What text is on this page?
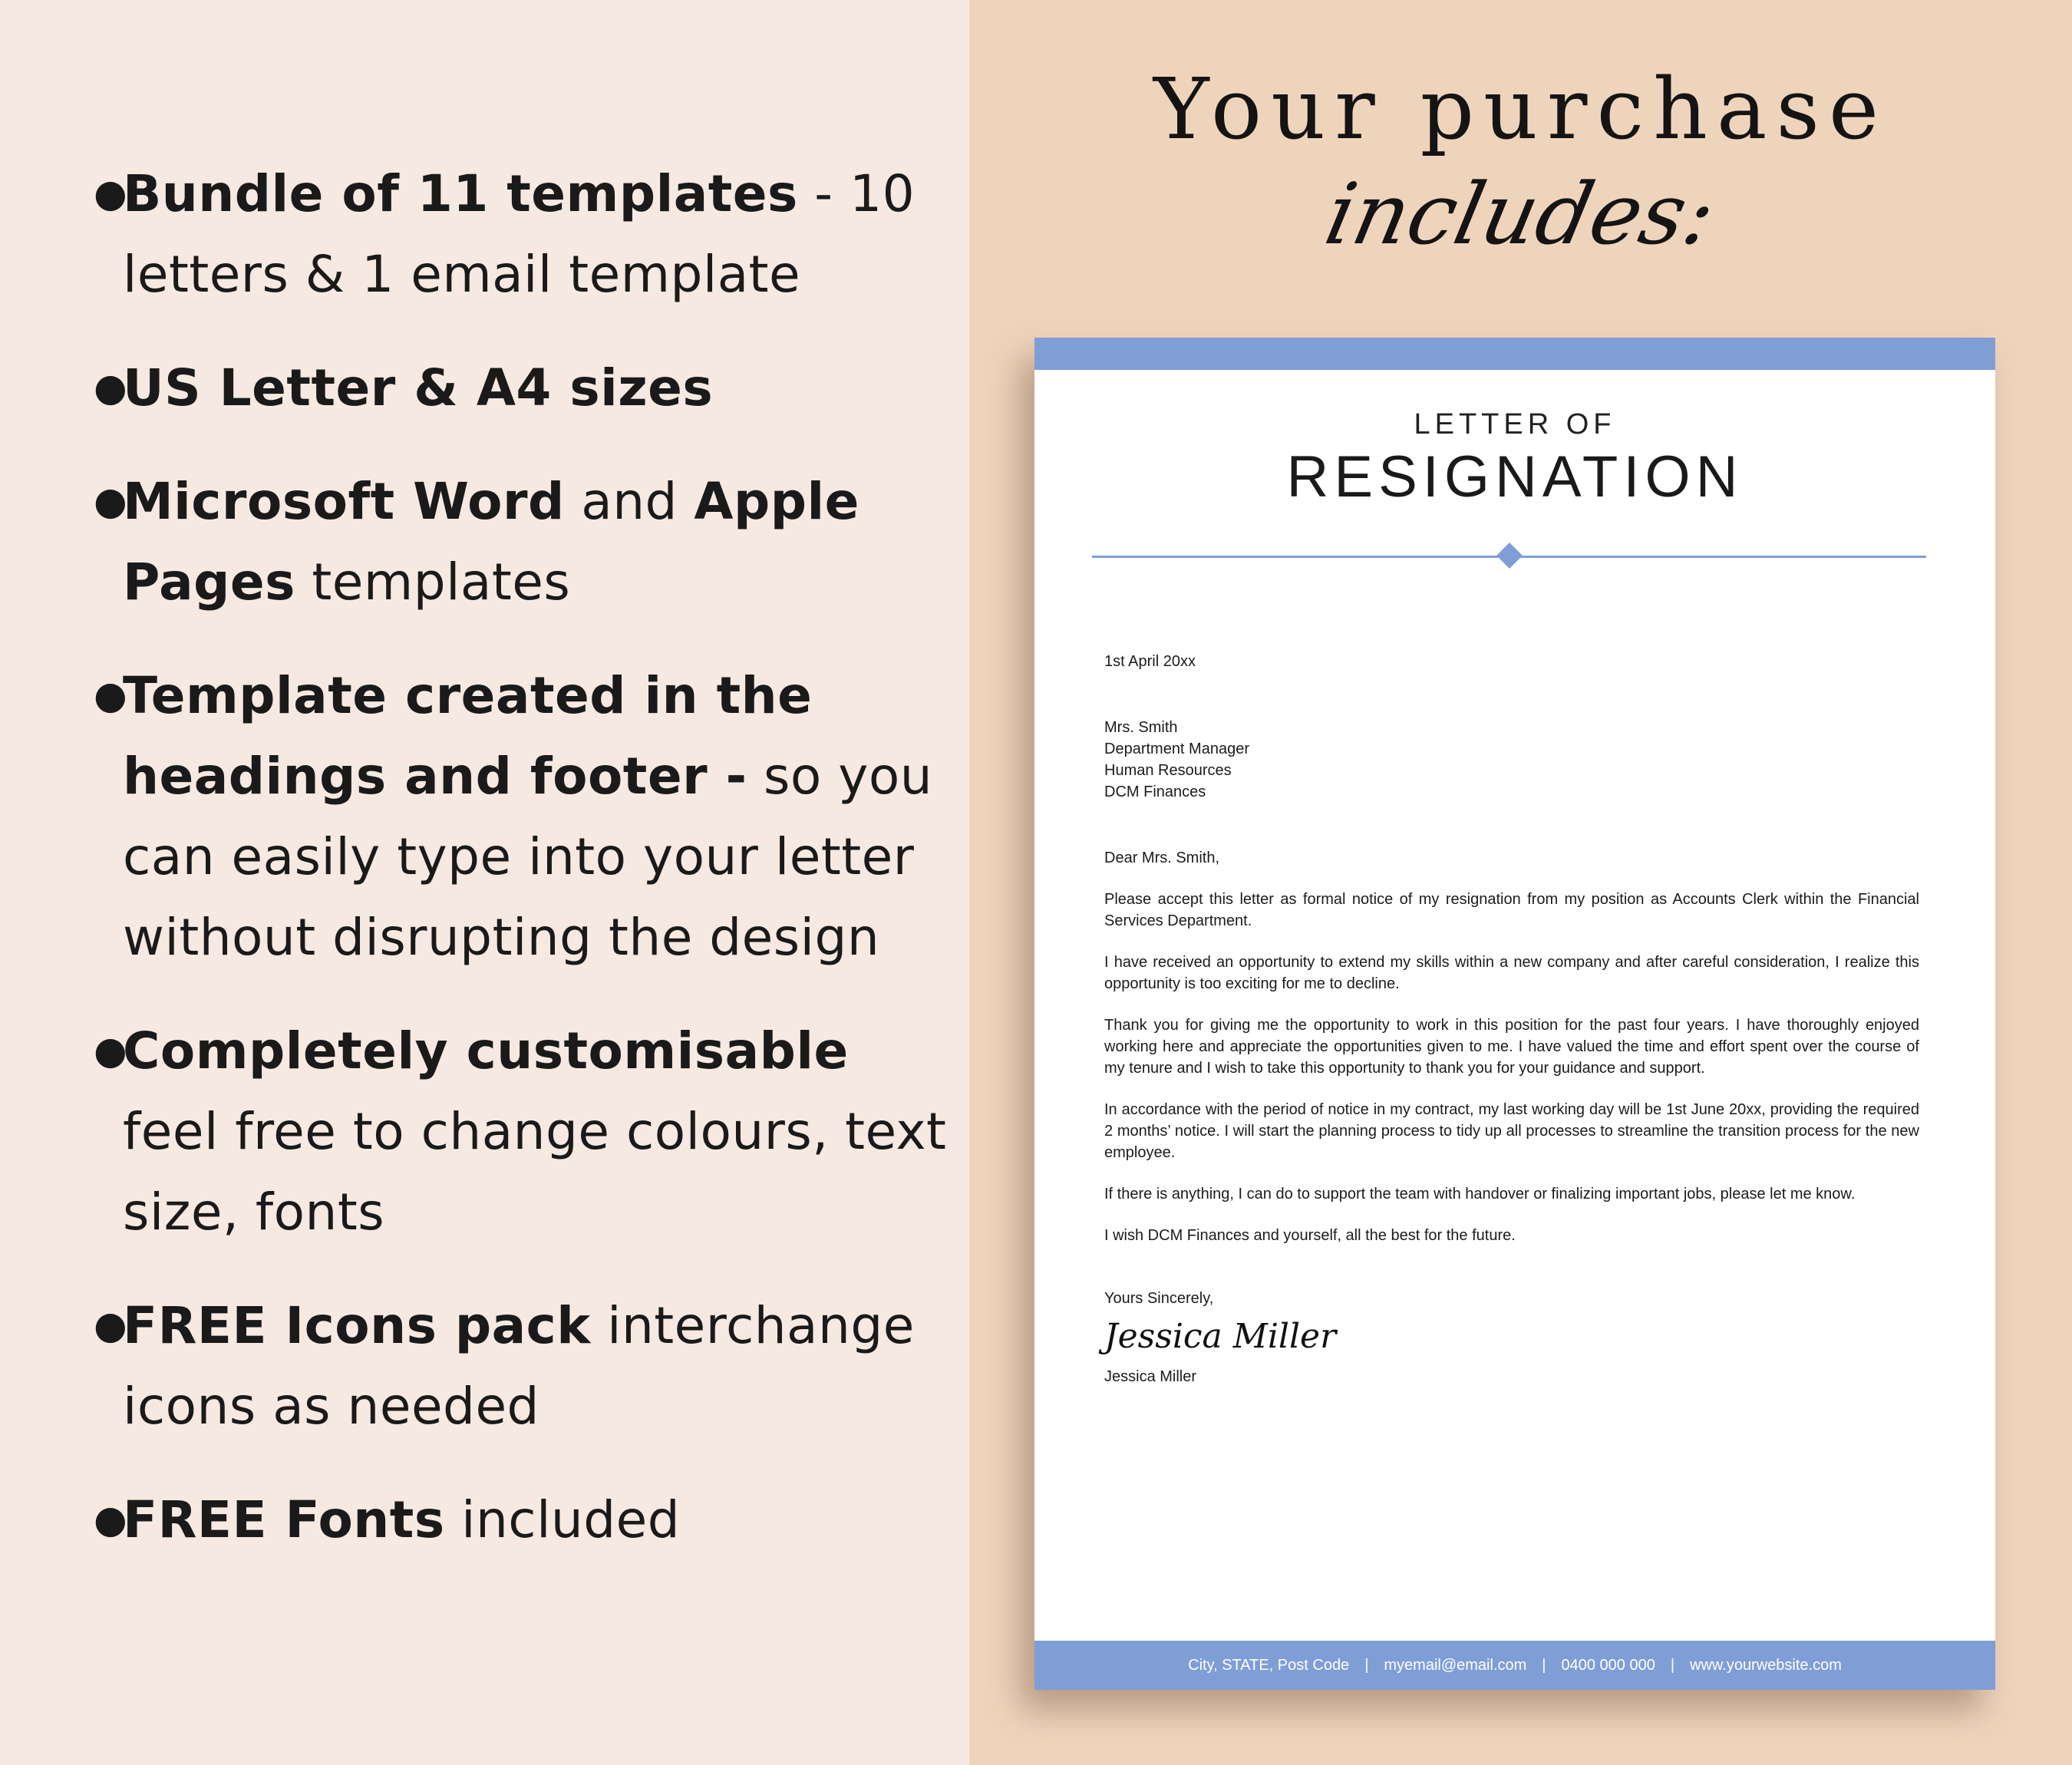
●
Bundle of 11 templates - 10 letters & 1 email template
●
US Letter & A4 sizes
●
Microsoft Word and Apple Pages templates
●
Template created in the headings and footer - so you can easily type into your letter without disrupting the design
●
Completely customisable feel free to change colours, text size, fonts
●
FREE Icons pack interchange icons as needed
●
FREE Fonts included
Your purchase
includes:
LETTER OF
RESIGNATION

1st April 20xx

Mrs. Smith
Department Manager
Human Resources
DCM Finances

Dear Mrs. Smith,

Please accept this letter as formal notice of my resignation from my position as Accounts Clerk within the Financial Services Department.

I have received an opportunity to extend my skills within a new company and after careful consideration, I realize this opportunity is too exciting for me to decline.

Thank you for giving me the opportunity to work in this position for the past four years. I have thoroughly enjoyed working here and appreciate the opportunities given to me. I have valued the time and effort spent over the course of my tenure and I wish to take this opportunity to thank you for your guidance and support.

In accordance with the period of notice in my contract, my last working day will be 1st June 20xx, providing the required 2 months’ notice. I will start the planning process to tidy up all processes to streamline the transition process for the new employee.

If there is anything, I can do to support the team with handover or finalizing important jobs, please let me know.

I wish DCM Finances and yourself, all the best for the future.

Yours Sincerely,

Jessica Miller

Jessica Miller

City, STATE, Post Code | myemail@email.com | 0400 000 000 | www.yourwebsite.com
